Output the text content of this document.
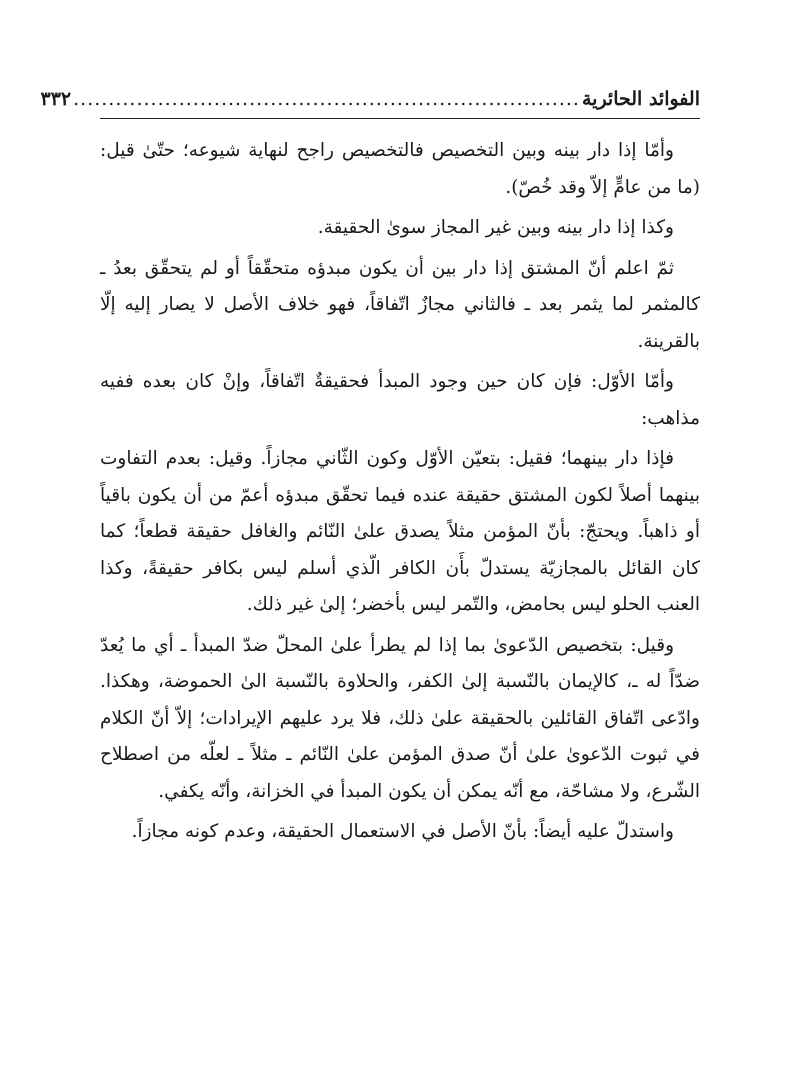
الفوائد الحائرية
........................................................................
٣٣٢

وأمّا إذا دار بينه وبين التخصيص فالتخصيص راجح لنهاية شيوعه؛ حتّىٰ قيل: (ما من عامٍّ إلاّ وقد خُصّ).

وكذا إذا دار بينه وبين غير المجاز سوىٰ الحقيقة.

ثمّ اعلم أنّ المشتق إذا دار بين أن يكون مبدؤه متحقّقاً أو لم يتحقّق بعدُ ـ كالمثمر لما يثمر بعد ـ فالثاني مجازٌ اتّفاقاً، فهو خلاف الأصل لا يصار إليه إلّا بالقرينة.

وأمّا الأوّل: فإن كان حين وجود المبدأ فحقيقةٌ اتّفاقاً، وإنْ كان بعده ففيه مذاهب:

فإذا دار بينهما؛ فقيل: بتعيّن الأوّل وكون الثّاني مجازاً. وقيل: بعدم التفاوت بينهما أصلاً لكون المشتق حقيقة عنده فيما تحقّق مبدؤه أعمّ من أن يكون باقياً أو ذاهباً. ويحتجّ: بأنّ المؤمن مثلاً يصدق علىٰ النّائم والغافل حقيقة قطعاً؛ كما كان القائل بالمجازيّة يستدلّ بأَن الكافر الّذي أسلم ليس بكافر حقيقةً، وكذا العنب الحلو ليس بحامض، والتّمر ليس بأخضر؛ إلىٰ غير ذلك.

وقيل: بتخصيص الدّعوىٰ بما إذا لم يطرأ علىٰ المحلّ ضدّ المبدأ ـ أي ما يُعدّ ضدّاً له ـ، كالإيمان بالنّسبة إلىٰ الكفر، والحلاوة بالنّسبة الىٰ الحموضة، وهكذا. وادّعى اتّفاق القائلين بالحقيقة علىٰ ذلك، فلا يرد عليهم الإيرادات؛ إلاّ أنّ الكلام في ثبوت الدّعوىٰ علىٰ أنّ صدق المؤمن علىٰ النّائم ـ مثلاً ـ لعلّه من اصطلاح الشّرع، ولا مشاحّة، مع أنّه يمكن أن يكون المبدأ في الخزانة، وأنّه يكفي.

واستدلّ عليه أيضاً: بأنّ الأصل في الاستعمال الحقيقة، وعدم كونه مجازاً.
